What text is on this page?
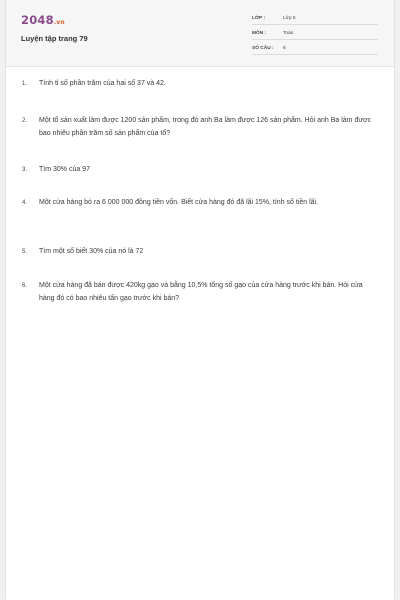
2048.vn
Luyện tập trang 79
LỚP :	Lớp 5
MÔN :	Toán
SỐ CÂU : 6
1. Tính tỉ số phần trăm của hai số 37 và 42.
2. Một tổ sản xuất làm được 1200 sản phẩm, trong đó anh Ba làm được 126 sản phẩm. Hỏi anh Ba làm được bao nhiêu phần trăm số sản phẩm của tổ?
3. Tìm 30% của 97
4. Một cửa hàng bỏ ra 6 000 000 đồng tiền vốn. Biết cửa hàng đó đã lãi 15%, tính số tiền lãi.
5. Tìm một số biết 30% của nó là 72
6. Một cửa hàng đã bán được 420kg gạo và bằng 10,5% tổng số gạo của cửa hàng trước khi bán. Hỏi cửa hàng đó có bao nhiêu tấn gạo trước khi bán?
